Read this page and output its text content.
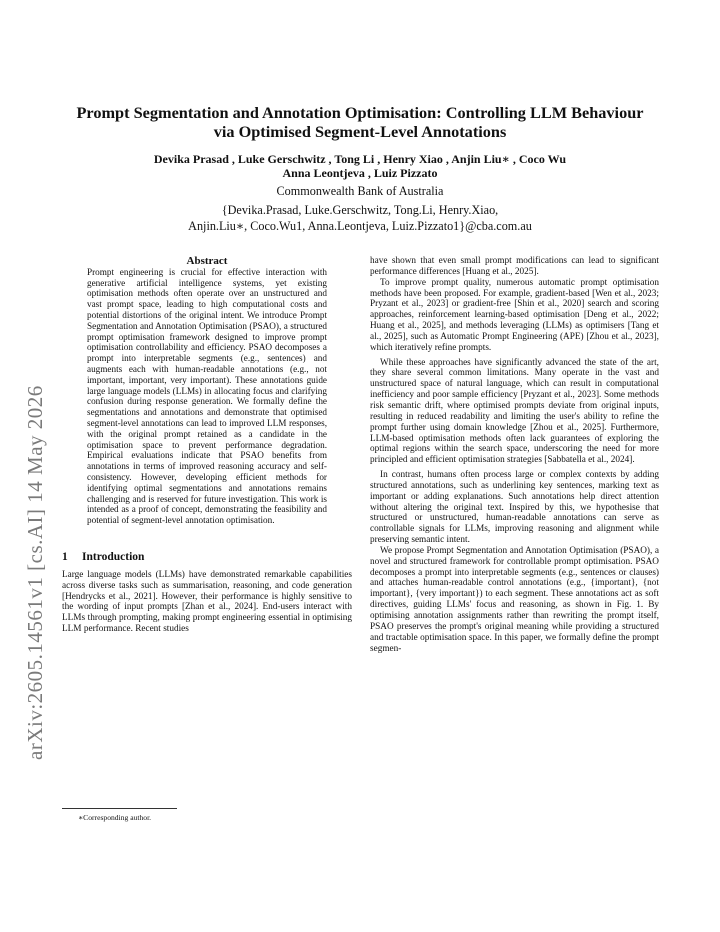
arXiv:2605.14561v1 [cs.AI] 14 May 2026
Prompt Segmentation and Annotation Optimisation: Controlling LLM Behaviour
via Optimised Segment-Level Annotations
Devika Prasad , Luke Gerschwitz , Tong Li , Henry Xiao , Anjin Liu∗ , Coco Wu
Anna Leontjeva , Luiz Pizzato
Commonwealth Bank of Australia
{Devika.Prasad, Luke.Gerschwitz, Tong.Li, Henry.Xiao,
Anjin.Liu∗, Coco.Wu1, Anna.Leontjeva, Luiz.Pizzato1}@cba.com.au

Abstract

Prompt engineering is crucial for effective interaction with generative artificial intelligence systems, yet existing optimisation methods often operate over an unstructured and vast prompt space, leading to high computational costs and potential distortions of the original intent. We introduce Prompt Segmentation and Annotation Optimisation (PSAO), a structured prompt optimisation framework designed to improve prompt optimisation controllability and efficiency. PSAO decomposes a prompt into interpretable segments (e.g., sentences) and augments each with human-readable annotations (e.g., not important, important, very important). These annotations guide large language models (LLMs) in allocating focus and clarifying confusion during response generation. We formally define the segmentations and annotations and demonstrate that optimised segment-level annotations can lead to improved LLM responses, with the original prompt retained as a candidate in the optimisation space to prevent performance degradation. Empirical evaluations indicate that PSAO benefits from annotations in terms of improved reasoning accuracy and self-consistency. However, developing efficient methods for identifying optimal segmentations and annotations remains challenging and is reserved for future investigation. This work is intended as a proof of concept, demonstrating the feasibility and potential of segment-level annotation optimisation.

1 Introduction

Large language models (LLMs) have demonstrated remarkable capabilities across diverse tasks such as summarisation, reasoning, and code generation [Hendrycks et al., 2021]. However, their performance is highly sensitive to the wording of input prompts [Zhan et al., 2024]. End-users interact with LLMs through prompting, making prompt engineering essential in optimising LLM performance. Recent studies

∗Corresponding author.

have shown that even small prompt modifications can lead to significant performance differences [Huang et al., 2025].

To improve prompt quality, numerous automatic prompt optimisation methods have been proposed. For example, gradient-based [Wen et al., 2023; Pryzant et al., 2023] or gradient-free [Shin et al., 2020] search and scoring approaches, reinforcement learning-based optimisation [Deng et al., 2022; Huang et al., 2025], and methods leveraging (LLMs) as optimisers [Tang et al., 2025], such as Automatic Prompt Engineering (APE) [Zhou et al., 2023], which iteratively refine prompts.

While these approaches have significantly advanced the state of the art, they share several common limitations. Many operate in the vast and unstructured space of natural language, which can result in computational inefficiency and poor sample efficiency [Pryzant et al., 2023]. Some methods risk semantic drift, where optimised prompts deviate from original inputs, resulting in reduced readability and limiting the user's ability to refine the prompt further using domain knowledge [Zhou et al., 2025]. Furthermore, LLM-based optimisation methods often lack guarantees of exploring the optimal regions within the search space, underscoring the need for more principled and efficient optimisation strategies [Sabbatella et al., 2024].

In contrast, humans often process large or complex contexts by adding structured annotations, such as underlining key sentences, marking text as important or adding explanations. Such annotations help direct attention without altering the original text. Inspired by this, we hypothesise that structured or unstructured, human-readable annotations can serve as controllable signals for LLMs, improving reasoning and alignment while preserving semantic intent.

We propose Prompt Segmentation and Annotation Optimisation (PSAO), a novel and structured framework for controllable prompt optimisation. PSAO decomposes a prompt into interpretable segments (e.g., sentences or clauses) and attaches human-readable control annotations (e.g., {important}, {not important}, {very important}) to each segment. These annotations act as soft directives, guiding LLMs' focus and reasoning, as shown in Fig. 1. By optimising annotation assignments rather than rewriting the prompt itself, PSAO preserves the prompt's original meaning while providing a structured and tractable optimisation space. In this paper, we formally define the prompt segmen-
